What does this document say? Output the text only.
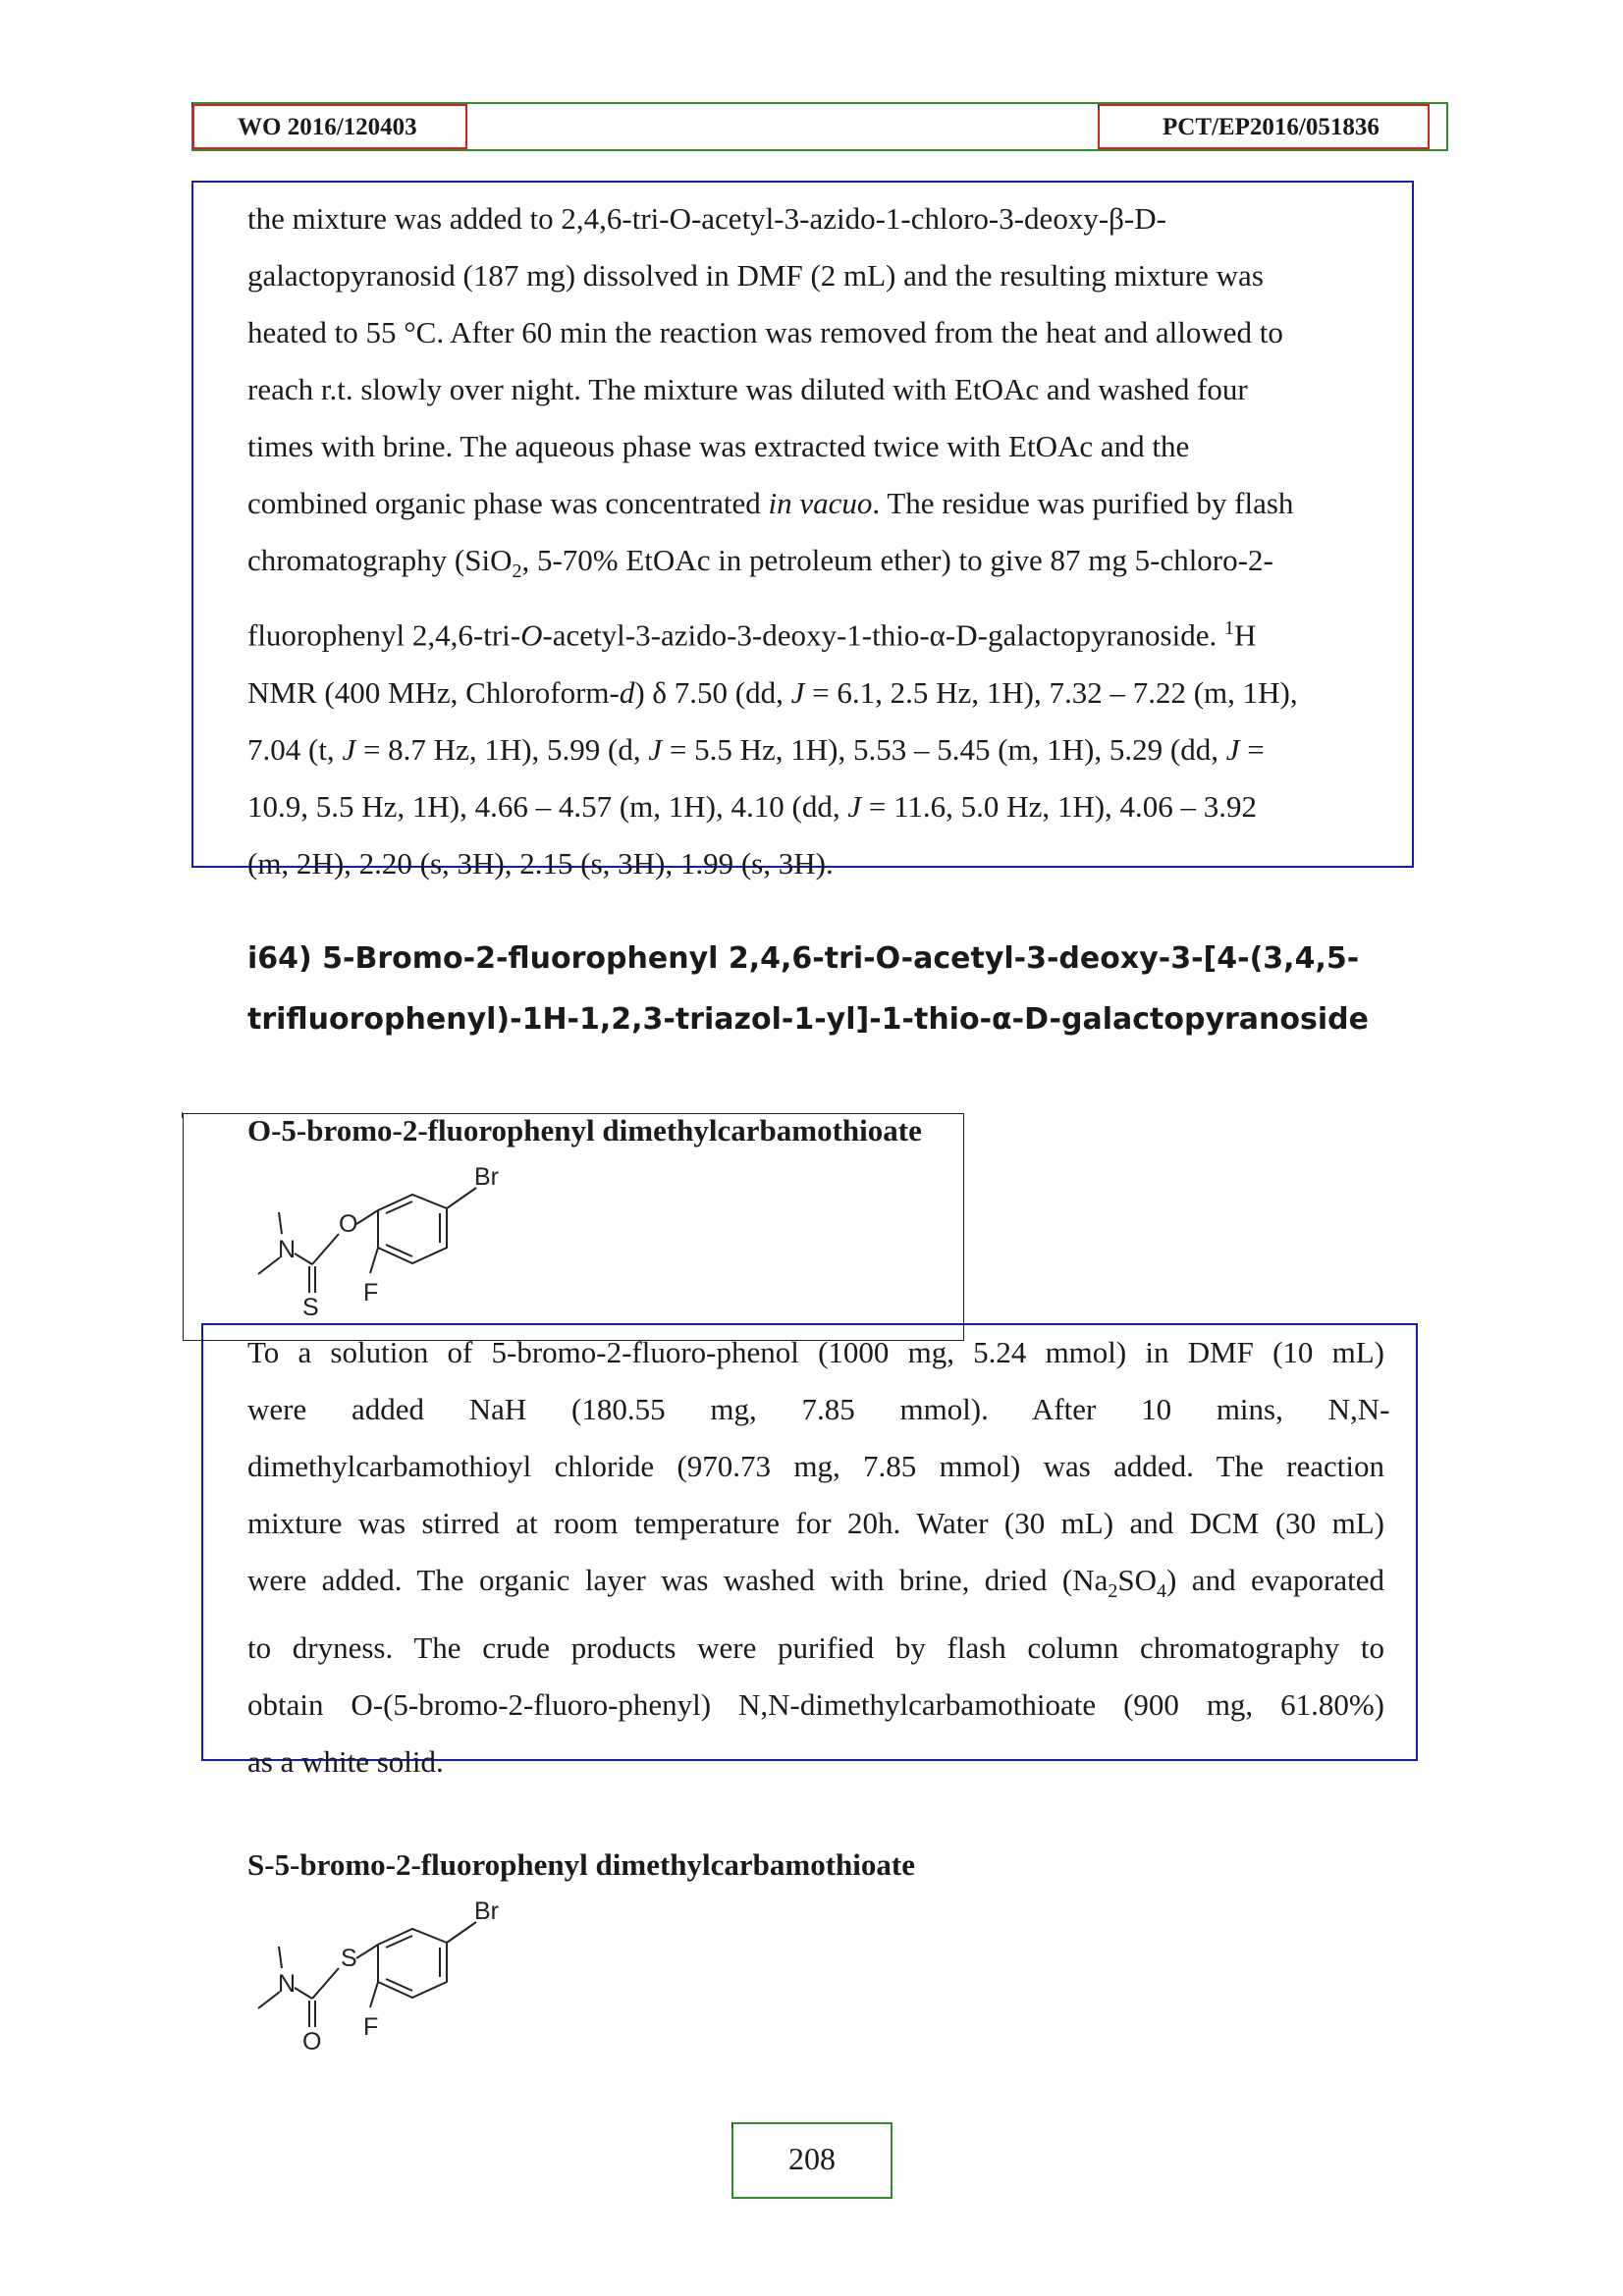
WO 2016/120403	PCT/EP2016/051836
the mixture was added to 2,4,6-tri-O-acetyl-3-azido-1-chloro-3-deoxy-β-D-
galactopyranosid (187 mg) dissolved in DMF (2 mL) and the resulting mixture was
heated to 55 °C. After 60 min the reaction was removed from the heat and allowed to
reach r.t. slowly over night. The mixture was diluted with EtOAc and washed four
times with brine. The aqueous phase was extracted twice with EtOAc and the
combined organic phase was concentrated in vacuo. The residue was purified by flash
chromatography (SiO$_2$, 5-70% EtOAc in petroleum ether) to give 87 mg 5-chloro-2-
fluorophenyl 2,4,6-tri-O-acetyl-3-azido-3-deoxy-1-thio-α-D-galactopyranoside. $^1$H
NMR (400 MHz, Chloroform-d) δ 7.50 (dd, J = 6.1, 2.5 Hz, 1H), 7.32 – 7.22 (m, 1H),
7.04 (t, J = 8.7 Hz, 1H), 5.99 (d, J = 5.5 Hz, 1H), 5.53 – 5.45 (m, 1H), 5.29 (dd, J =
10.9, 5.5 Hz, 1H), 4.66 – 4.57 (m, 1H), 4.10 (dd, J = 11.6, 5.0 Hz, 1H), 4.06 – 3.92
(m, 2H), 2.20 (s, 3H), 2.15 (s, 3H), 1.99 (s, 3H).
i64) 5-Bromo-2-fluorophenyl 2,4,6-tri-O-acetyl-3-deoxy-3-[4-(3,4,5-
trifluorophenyl)-1H-1,2,3-triazol-1-yl]-1-thio-α-D-galactopyranoside
O-5-bromo-2-fluorophenyl dimethylcarbamothioate
N
O
S
F
Br
To a solution of 5-bromo-2-fluoro-phenol (1000 mg, 5.24 mmol) in DMF (10 mL)
were added NaH (180.55 mg, 7.85 mmol). After 10 mins, N,N-
dimethylcarbamothioyl chloride (970.73 mg, 7.85 mmol) was added. The reaction
mixture was stirred at room temperature for 20h. Water (30 mL) and DCM (30 mL)
were added. The organic layer was washed with brine, dried $(Na_2SO_4)$ and evaporated
to dryness. The crude products were purified by flash column chromatography to
obtain O-(5-bromo-2-fluoro-phenyl) N,N-dimethylcarbamothioate (900 mg, 61.80%)
as a white solid.
S-5-bromo-2-fluorophenyl dimethylcarbamothioate
N
S
O
F
Br
208
